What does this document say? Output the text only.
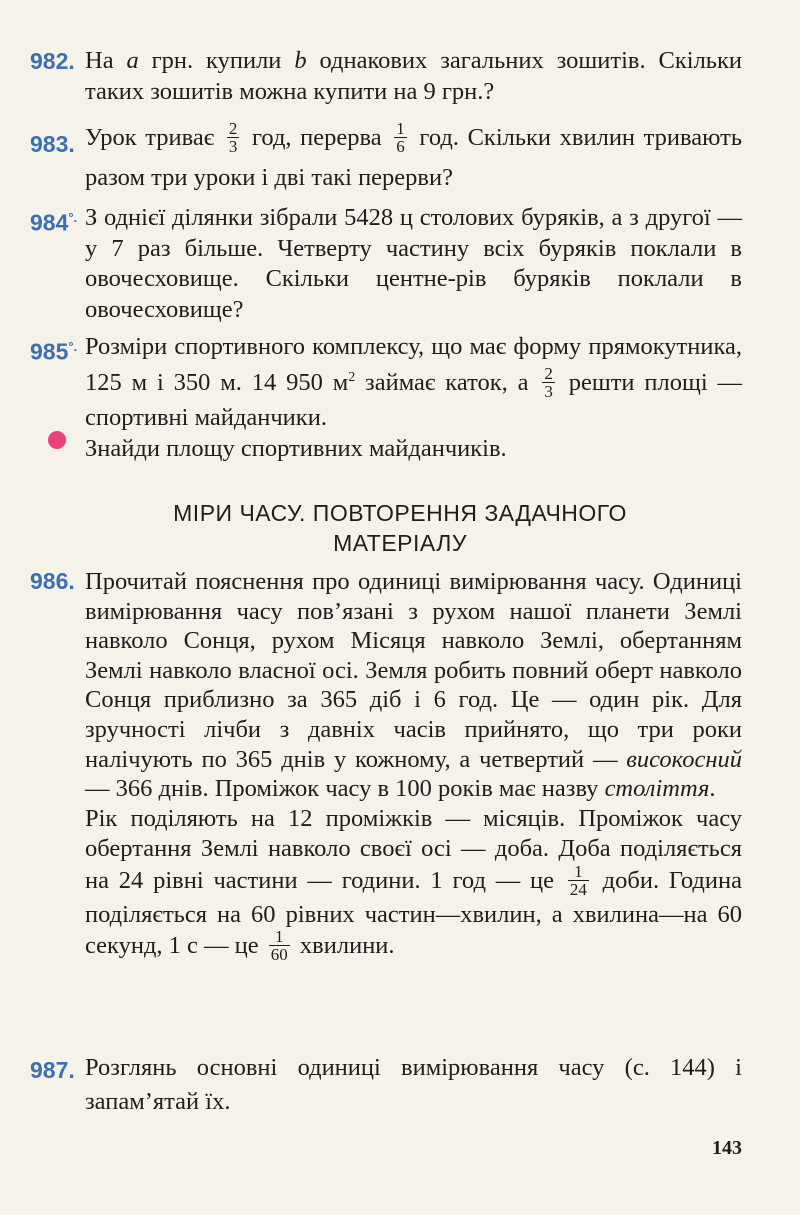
982. На a грн. купили b однакових загальних зошитів. Скільки таких зошитів можна купити на 9 грн.?
983. Урок триває $\frac{2}{3}$ год, перерва $\frac{1}{6}$ год. Скільки хвилин тривають разом три уроки і дві такі перерви?
984°. З однієї ділянки зібрали 5428 ц столових буряків, а з другої — у 7 раз більше. Четверту частину всіх буряків поклали в овочесховище. Скільки центне-рів буряків поклали в овочесховище?
985°. Розміри спортивного комплексу, що має форму прямокутника, 125 м і 350 м. 14 950 $м^2$ займає каток, а $\frac{2}{3}$ решти площі — спортивні майданчики.
Знайди площу спортивних майданчиків.
МІРИ ЧАСУ. ПОВТОРЕННЯ ЗАДАЧНОГО
МАТЕРІАЛУ
986. Прочитай пояснення про одиниці вимірювання часу. Одиниці вимірювання часу пов’язані з рухом нашої планети Землі навколо Сонця, рухом Місяця навколо Землі, обертанням Землі навколо власної осі. Земля робить повний оберт навколо Сонця приблизно за 365 діб і 6 год. Це — один рік. Для зручності лічби з давніх часів прийнято, що три роки налічують по 365 днів у кожному, а четвертий — високосний — 366 днів. Проміжок часу в 100 років має назву століття.
Рік поділяють на 12 проміжків — місяців. Проміжок часу обертання Землі навколо своєї осі — доба. Доба поділяється на 24 рівні частини — години. 1 год — це $\frac{1}{24}$ доби. Година поділяється на 60 рівних частин—хвилин, а хвилина—на 60 секунд, 1 с — це $\frac{1}{60}$ хвилини.
987. Розглянь основні одиниці вимірювання часу (с. 144) і запам’ятай їх.
143
